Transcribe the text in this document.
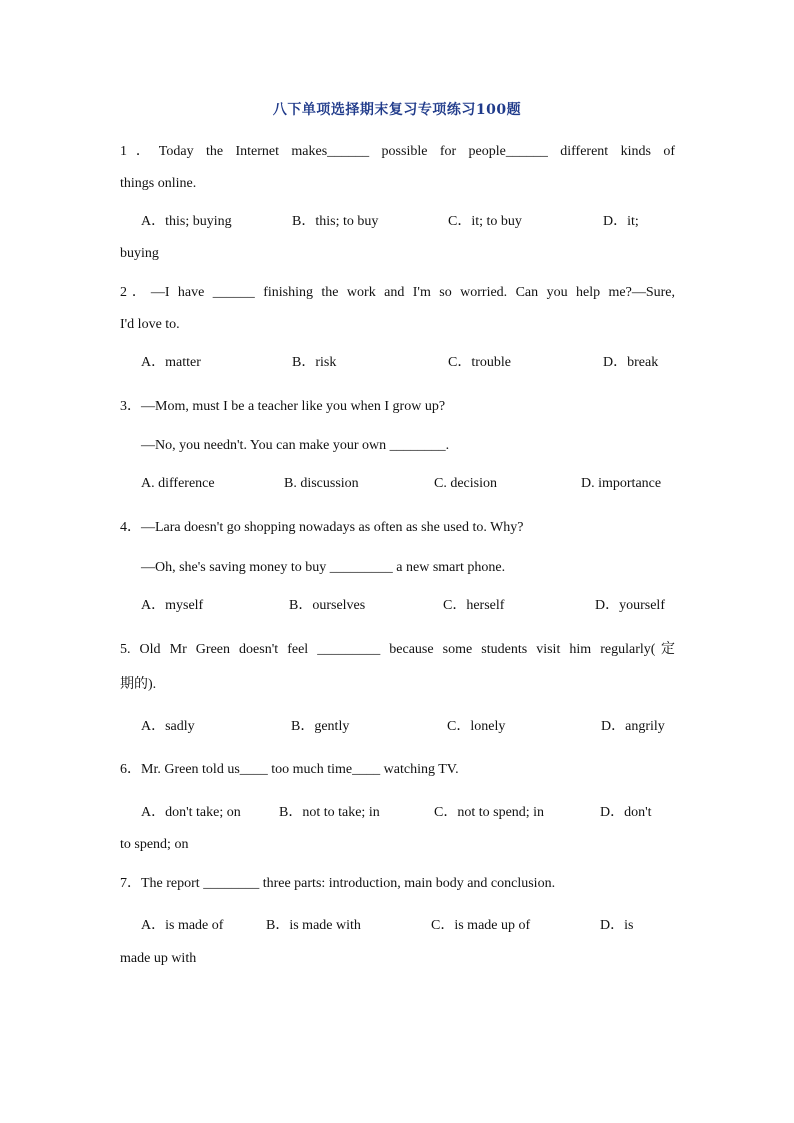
八下单项选择期末复习专项练习100题
1．Today the Internet makes______ possible for people______ different kinds of
things online.
A．this; buying	B．this; to buy	C．it; to buy	D．it;
buying
2．—I have ______ finishing the work and I'm so worried. Can you help me?—Sure,
I'd love to.
A．matter	B．risk	C．trouble	D．break
3．—Mom, must I be a teacher like you when I grow up?
—No, you needn't. You can make your own ________.
A. difference	B. discussion	C. decision	D. importance
4．—Lara doesn't go shopping nowadays as often as she used to. Why?
—Oh, she's saving money to buy _________ a new smart phone.
A．myself	B．ourselves	C．herself	D．yourself
5. Old Mr Green doesn't feel _________ because some students visit him regularly(定
期的).
A．sadly	B．gently	C．lonely	D．angrily
6．Mr. Green told us____ too much time____ watching TV.
A．don't take; on	B．not to take; in	C．not to spend; in	D．don't
to spend; on
7．The report ________ three parts: introduction, main body and conclusion.
A．is made of	B．is made with	C．is made up of	D．is
made up with
